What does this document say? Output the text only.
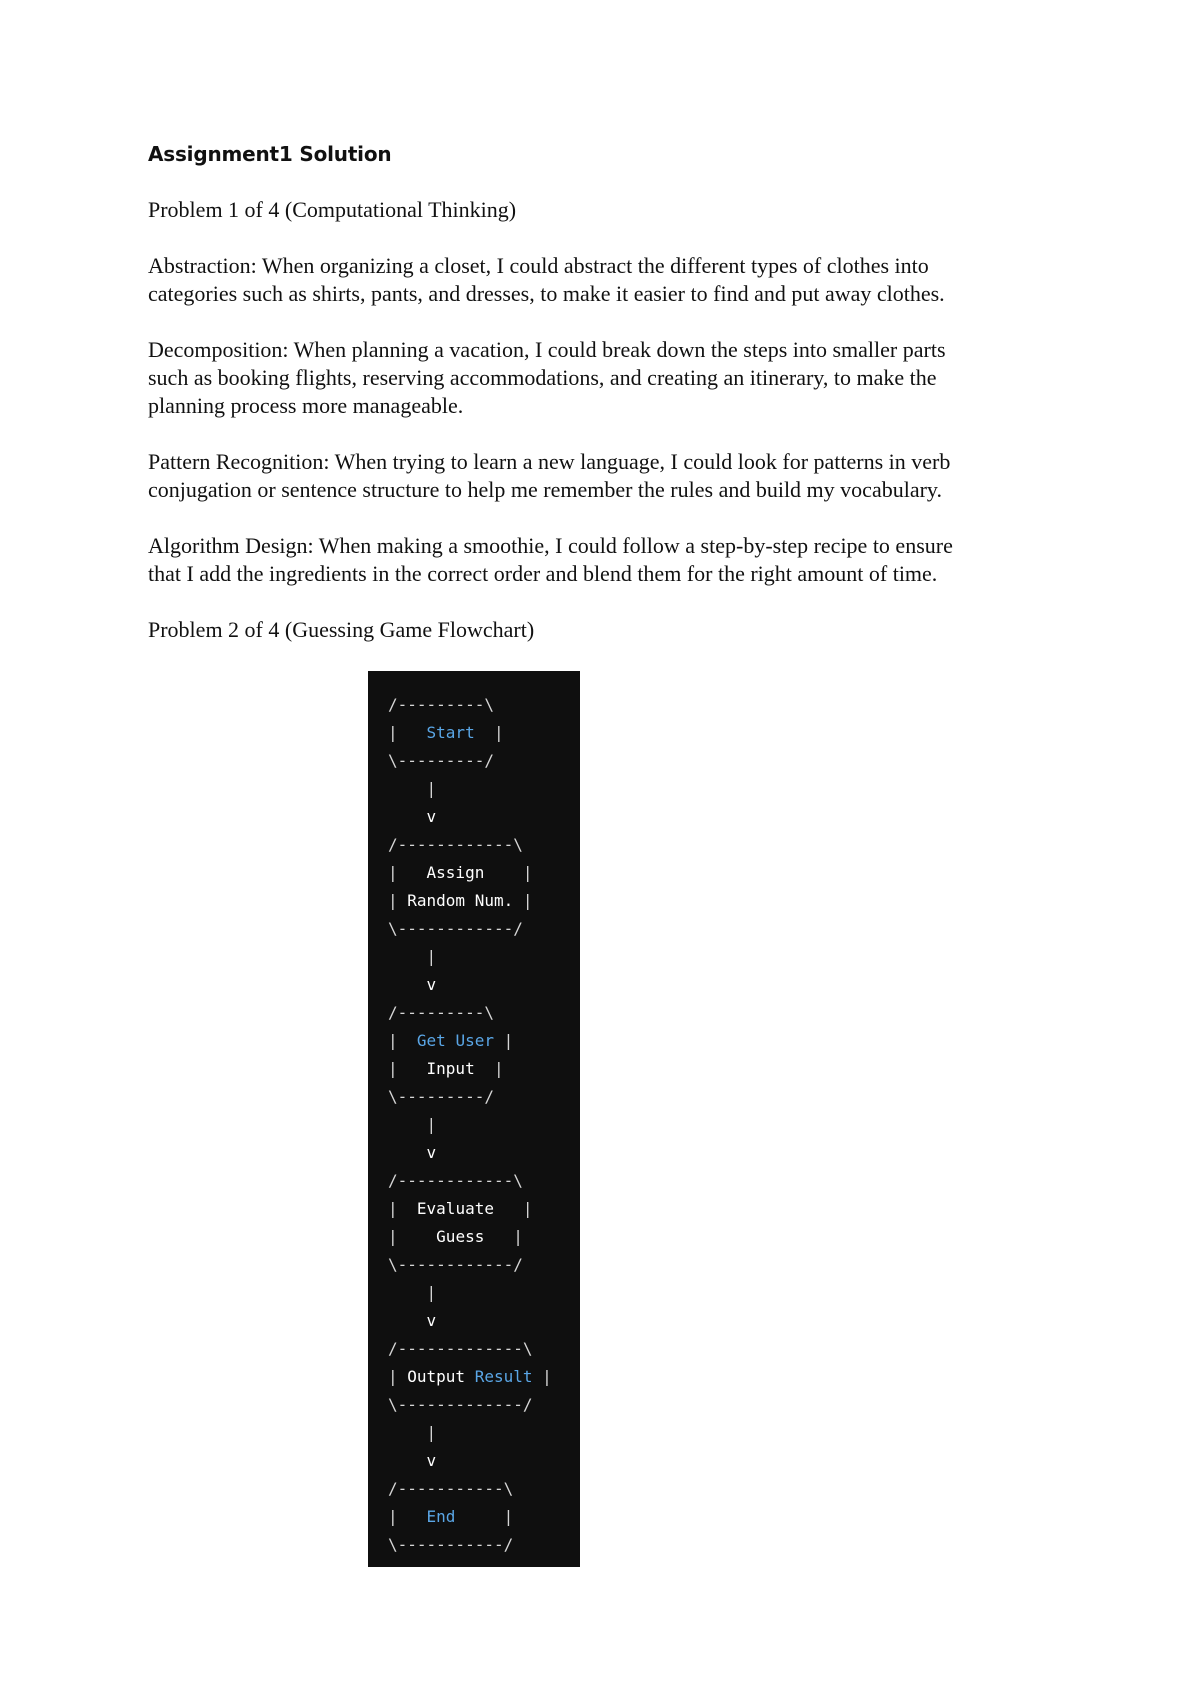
Assignment1 Solution

Problem 1 of 4 (Computational Thinking)

Abstraction: When organizing a closet, I could abstract the different types of clothes into

categories such as shirts, pants, and dresses, to make it easier to find and put away clothes.

Decomposition: When planning a vacation, I could break down the steps into smaller parts

such as booking flights, reserving accommodations, and creating an itinerary, to make the

planning process more manageable.

Pattern Recognition: When trying to learn a new language, I could look for patterns in verb

conjugation or sentence structure to help me remember the rules and build my vocabulary.

Algorithm Design: When making a smoothie, I could follow a step-by-step recipe to ensure

that I add the ingredients in the correct order and blend them for the right amount of time.

Problem 2 of 4 (Guessing Game Flowchart)

/---------\
|   Start  |
\---------/
|
v
/------------\
|   Assign    |
| Random Num. |
\------------/
|
v
/---------\
|  Get User |
|   Input  |
\---------/
|
v
/------------\
|  Evaluate   |
|    Guess   |
\------------/
|
v
/-------------\
| Output Result |
\-------------/
|
v
/-----------\
|   End	|
\-----------/
